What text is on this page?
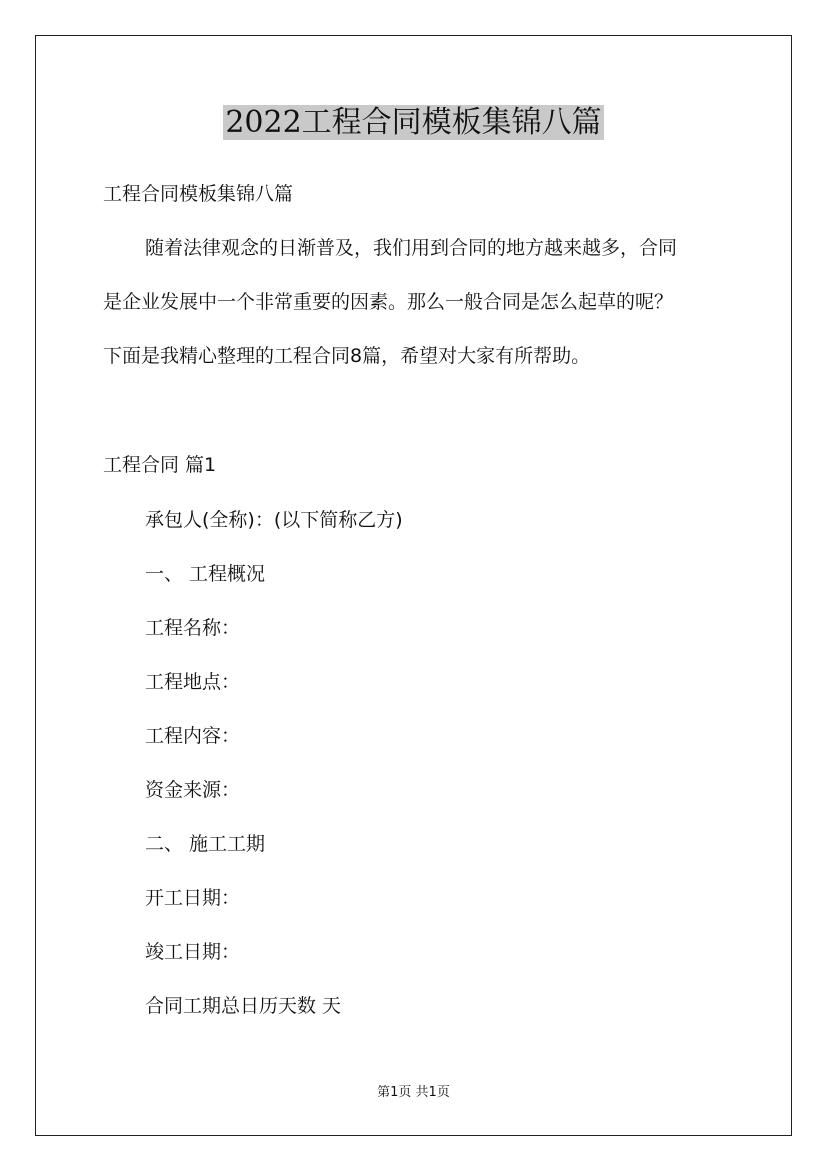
2022工程合同模板集锦八篇
工程合同模板集锦八篇
随着法律观念的日渐普及，我们用到合同的地方越来越多，合同
是企业发展中一个非常重要的因素。那么一般合同是怎么起草的呢？
下面是我精心整理的工程合同8篇，希望对大家有所帮助。
工程合同 篇1
承包人(全称)：(以下简称乙方)
一、 工程概况
工程名称：
工程地点：
工程内容：
资金来源：
二、 施工工期
开工日期：
竣工日期：
合同工期总日历天数 天
第1页 共1页
